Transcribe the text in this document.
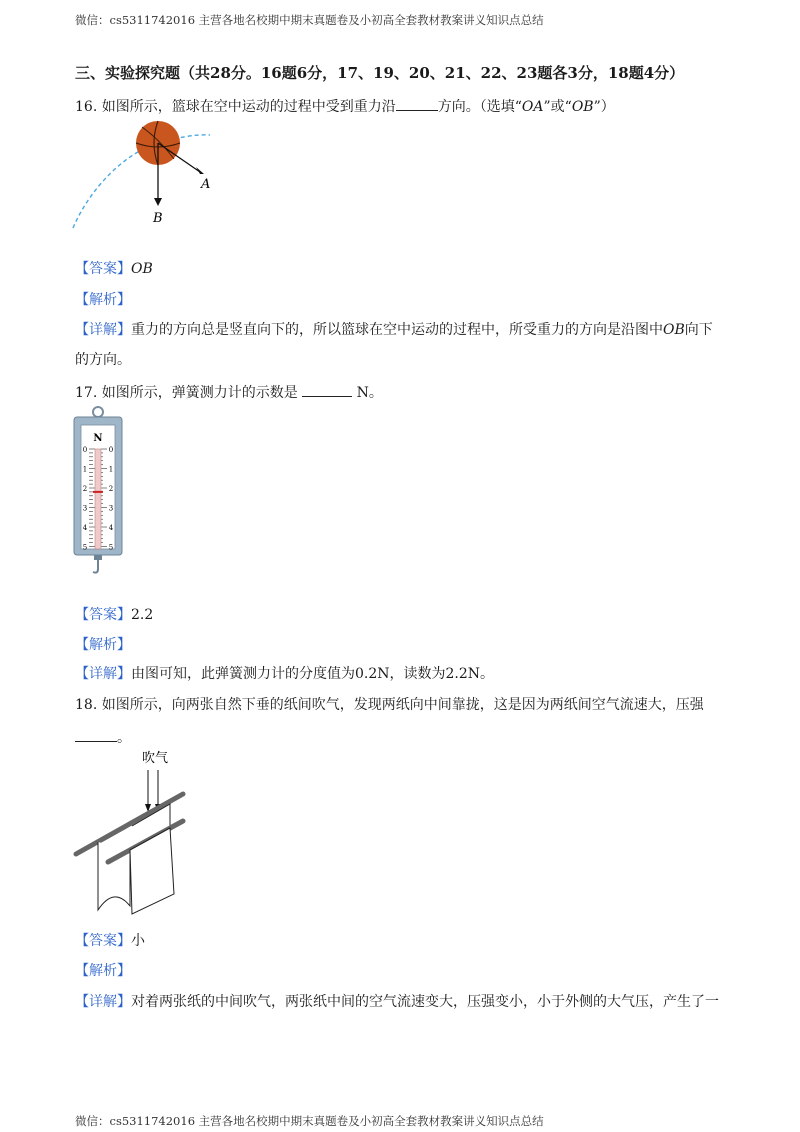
微信：cs5311742016 主营各地名校期中期末真题卷及小初高全套教材教案讲义知识点总结
三、实验探究题（共28分。16题6分，17、19、20、21、22、23题各3分，18题4分）
16. 如图所示，篮球在空中运动的过程中受到重力沿	方向。（选填“OA”或“OB”）
A
B
【答案】OB
【解析】
【详解】重力的方向总是竖直向下的，所以篮球在空中运动的过程中，所受重力的方向是沿图中OB向下
的方向。
17. 如图所示，弹簧测力计的示数是	N。
N
0	0
1	1
2	2
3	3
4	4
5	5
【答案】2.2
【解析】
【详解】由图可知，此弹簧测力计的分度值为0.2N，读数为2.2N。
18. 如图所示，向两张自然下垂的纸间吹气，发现两纸向中间靠拢，这是因为两纸间空气流速大，压强
。
吹气
【答案】小
【解析】
【详解】对着两张纸的中间吹气，两张纸中间的空气流速变大，压强变小，小于外侧的大气压，产生了一
微信：cs5311742016 主营各地名校期中期末真题卷及小初高全套教材教案讲义知识点总结
